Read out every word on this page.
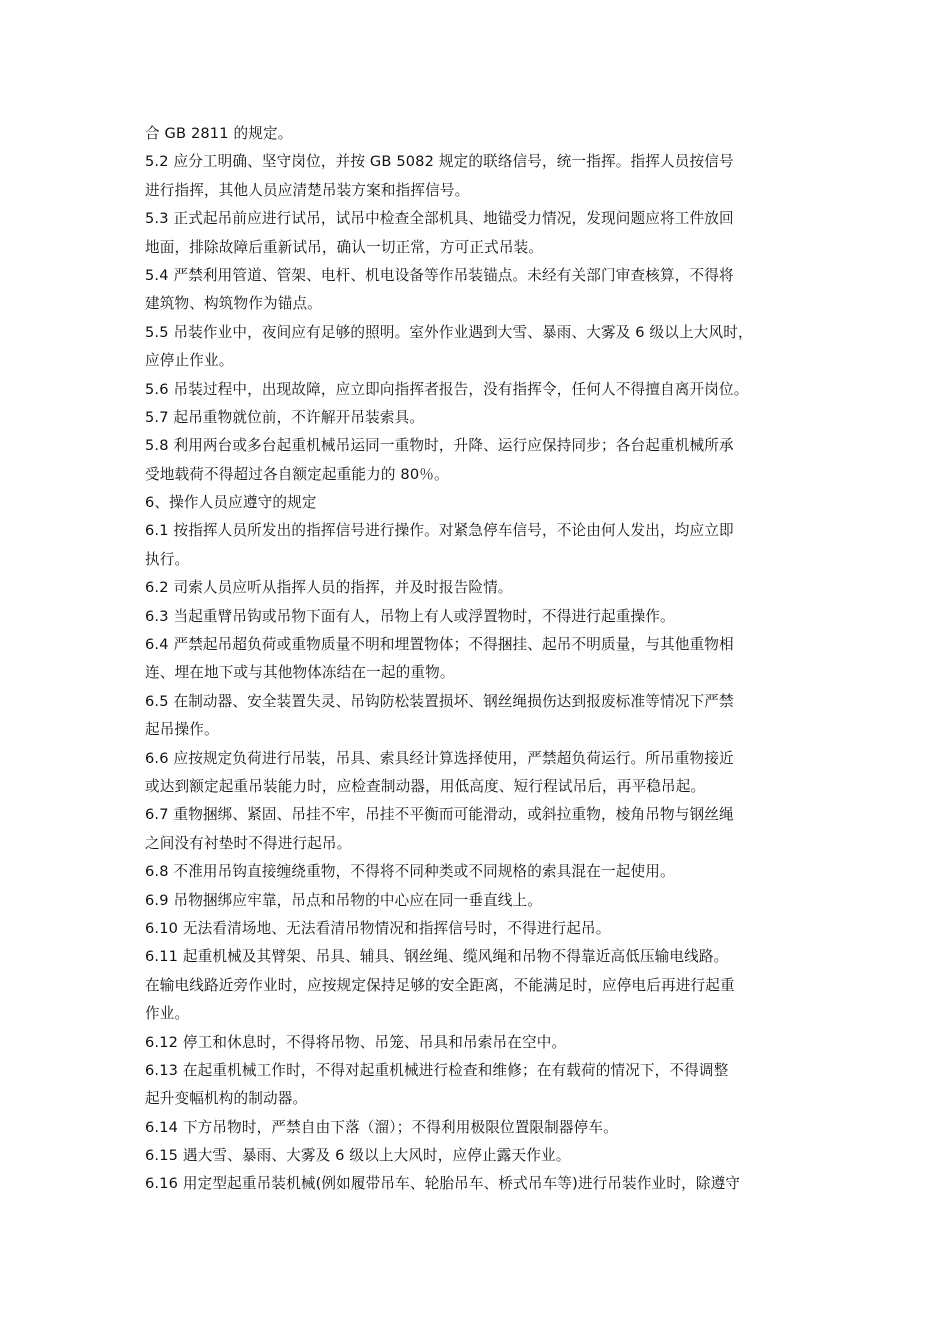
合 GB 2811 的规定。
5.2 应分工明确、坚守岗位，并按 GB 5082 规定的联络信号，统一指挥。指挥人员按信号
进行指挥，其他人员应清楚吊装方案和指挥信号。
5.3 正式起吊前应进行试吊，试吊中检查全部机具、地锚受力情况，发现问题应将工件放回
地面，排除故障后重新试吊，确认一切正常，方可正式吊装。
5.4 严禁利用管道、管架、电杆、机电设备等作吊装锚点。未经有关部门审查核算，不得将
建筑物、构筑物作为锚点。
5.5 吊装作业中，夜间应有足够的照明。室外作业遇到大雪、暴雨、大雾及 6 级以上大风时，
应停止作业。
5.6 吊装过程中，出现故障，应立即向指挥者报告，没有指挥令，任何人不得擅自离开岗位。
5.7 起吊重物就位前，不许解开吊装索具。
5.8 利用两台或多台起重机械吊运同一重物时，升降、运行应保持同步；各台起重机械所承
受地载荷不得超过各自额定起重能力的 80％。
6、操作人员应遵守的规定
6.1 按指挥人员所发出的指挥信号进行操作。对紧急停车信号，不论由何人发出，均应立即
执行。
6.2 司索人员应听从指挥人员的指挥，并及时报告险情。
6.3 当起重臂吊钩或吊物下面有人，吊物上有人或浮置物时，不得进行起重操作。
6.4 严禁起吊超负荷或重物质量不明和埋置物体；不得捆挂、起吊不明质量，与其他重物相
连、埋在地下或与其他物体冻结在一起的重物。
6.5 在制动器、安全装置失灵、吊钩防松装置损坏、钢丝绳损伤达到报废标准等情况下严禁
起吊操作。
6.6 应按规定负荷进行吊装，吊具、索具经计算选择使用，严禁超负荷运行。所吊重物接近
或达到额定起重吊装能力时，应检查制动器，用低高度、短行程试吊后，再平稳吊起。
6.7 重物捆绑、紧固、吊挂不牢，吊挂不平衡而可能滑动，或斜拉重物，棱角吊物与钢丝绳
之间没有衬垫时不得进行起吊。
6.8 不准用吊钩直接缠绕重物，不得将不同种类或不同规格的索具混在一起使用。
6.9 吊物捆绑应牢靠，吊点和吊物的中心应在同一垂直线上。
6.10 无法看清场地、无法看清吊物情况和指挥信号时，不得进行起吊。
6.11 起重机械及其臂架、吊具、辅具、钢丝绳、缆风绳和吊物不得靠近高低压输电线路。
在输电线路近旁作业时，应按规定保持足够的安全距离，不能满足时，应停电后再进行起重
作业。
6.12 停工和休息时，不得将吊物、吊笼、吊具和吊索吊在空中。
6.13 在起重机械工作时，不得对起重机械进行检查和维修；在有载荷的情况下，不得调整
起升变幅机构的制动器。
6.14 下方吊物时，严禁自由下落（溜）；不得利用极限位置限制器停车。
6.15 遇大雪、暴雨、大雾及 6 级以上大风时，应停止露天作业。
6.16 用定型起重吊装机械(例如履带吊车、轮胎吊车、桥式吊车等)进行吊装作业时，除遵守
